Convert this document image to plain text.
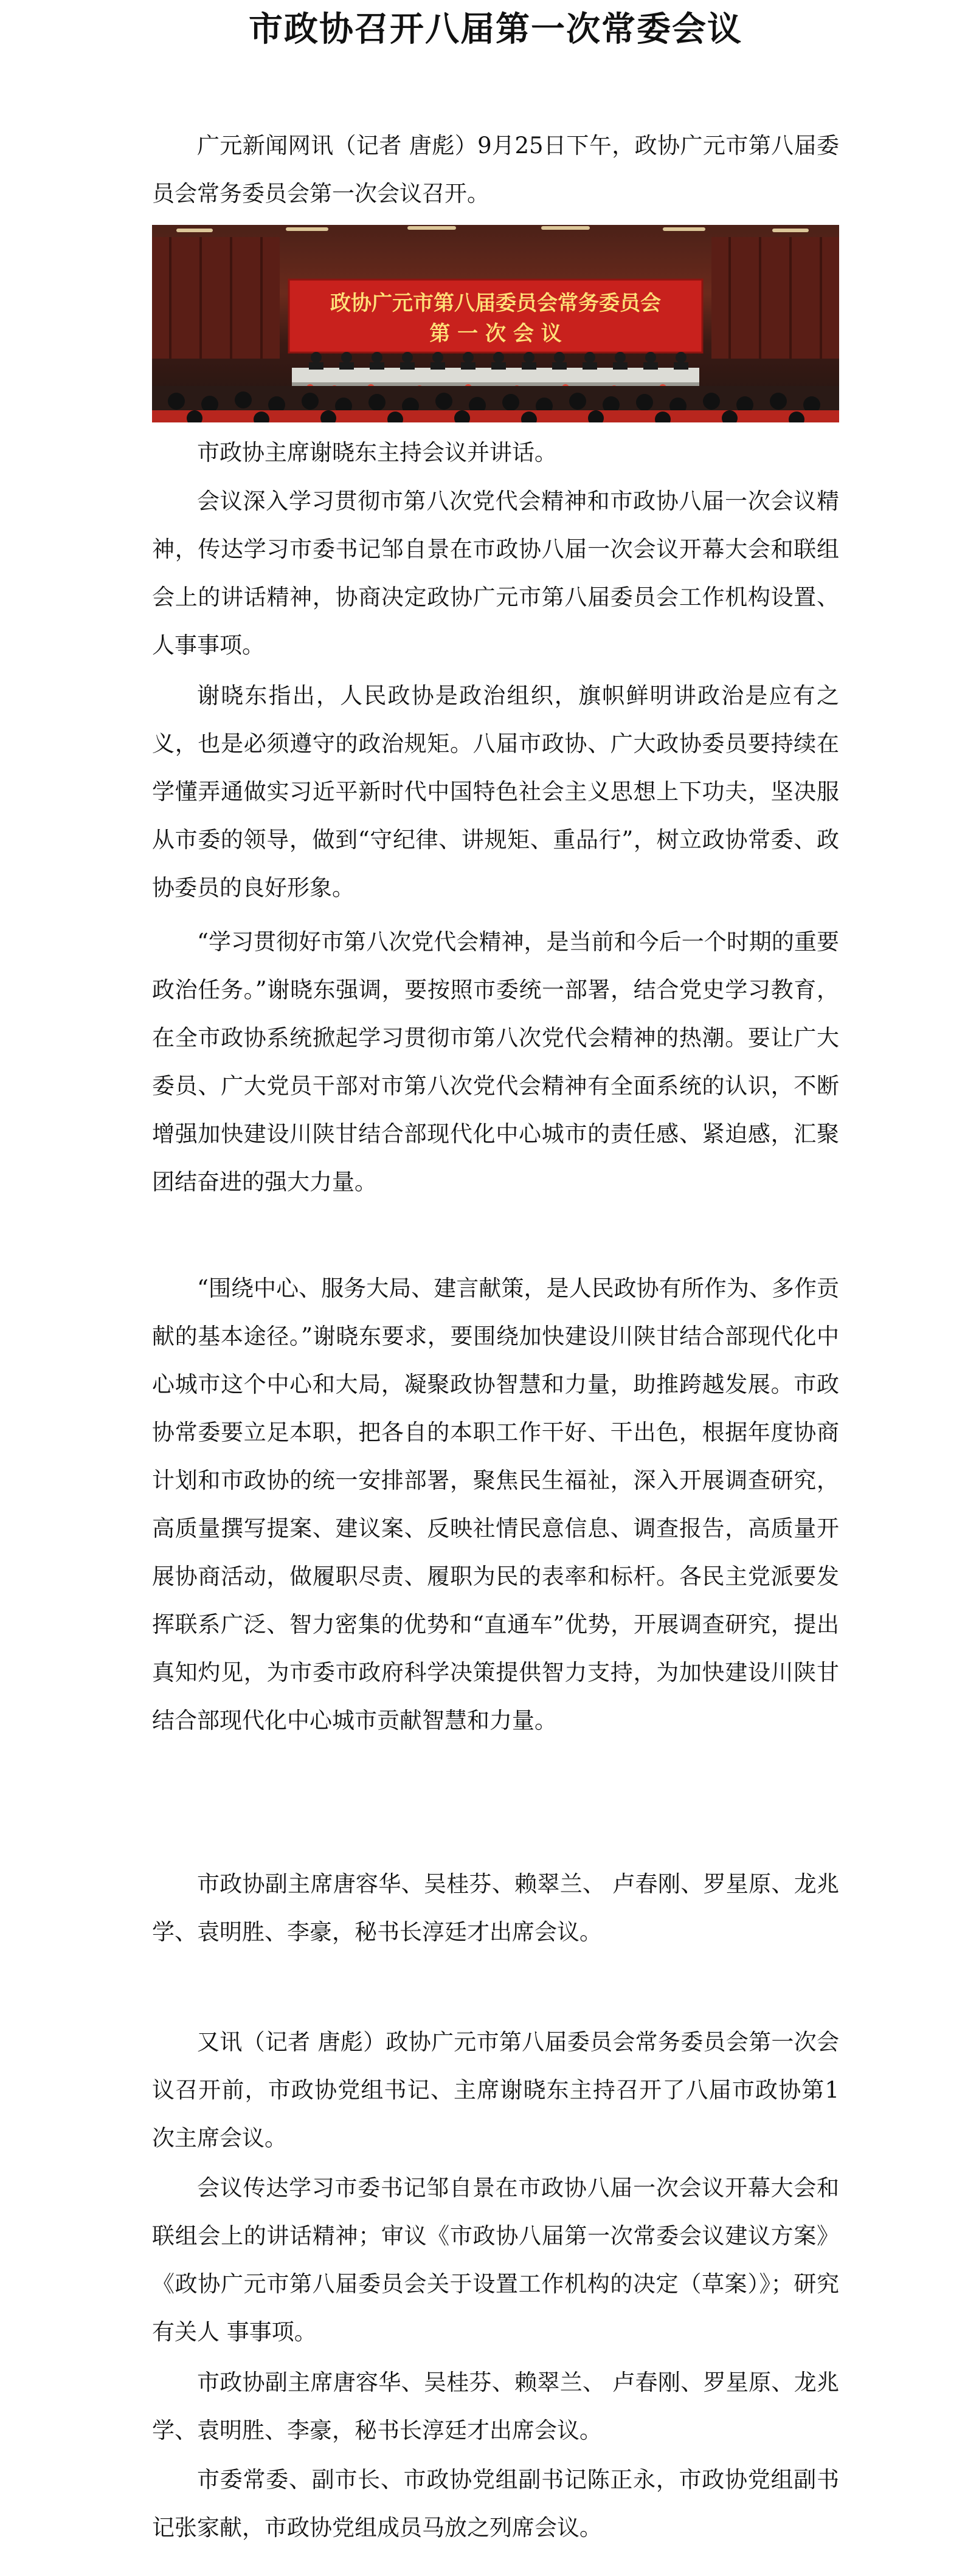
市政协召开八届第一次常委会议

广元新闻网讯（记者 唐彪）9月25日下午，政协广元市第八届委员会常务委员会第一次会议召开。

政协广元市第八届委员会常务委员会
第 一 次 会 议

市政协主席谢晓东主持会议并讲话。

会议深入学习贯彻市第八次党代会精神和市政协八届一次会议精神，传达学习市委书记邹自景在市政协八届一次会议开幕大会和联组会上的讲话精神，协商决定政协广元市第八届委员会工作机构设置、人事事项。

谢晓东指出，人民政协是政治组织，旗帜鲜明讲政治是应有之义，也是必须遵守的政治规矩。八届市政协、广大政协委员要持续在学懂弄通做实习近平新时代中国特色社会主义思想上下功夫，坚决服从市委的领导，做到“守纪律、讲规矩、重品行”，树立政协常委、政协委员的良好形象。

“学习贯彻好市第八次党代会精神，是当前和今后一个时期的重要政治任务。”谢晓东强调，要按照市委统一部署，结合党史学习教育，在全市政协系统掀起学习贯彻市第八次党代会精神的热潮。要让广大委员、广大党员干部对市第八次党代会精神有全面系统的认识，不断增强加快建设川陕甘结合部现代化中心城市的责任感、紧迫感，汇聚团结奋进的强大力量。

“围绕中心、服务大局、建言献策，是人民政协有所作为、多作贡献的基本途径。”谢晓东要求，要围绕加快建设川陕甘结合部现代化中心城市这个中心和大局，凝聚政协智慧和力量，助推跨越发展。市政协常委要立足本职，把各自的本职工作干好、干出色，根据年度协商计划和市政协的统一安排部署，聚焦民生福祉，深入开展调查研究，高质量撰写提案、建议案、反映社情民意信息、调查报告，高质量开展协商活动，做履职尽责、履职为民的表率和标杆。各民主党派要发挥联系广泛、智力密集的优势和“直通车”优势，开展调查研究，提出真知灼见，为市委市政府科学决策提供智力支持，为加快建设川陕甘结合部现代化中心城市贡献智慧和力量。

市政协副主席唐容华、吴桂芬、赖翠兰、 卢春刚、罗星原、龙兆学、袁明胜、李豪，秘书长淳廷才出席会议。

又讯（记者 唐彪）政协广元市第八届委员会常务委员会第一次会议召开前，市政协党组书记、主席谢晓东主持召开了八届市政协第1次主席会议。

会议传达学习市委书记邹自景在市政协八届一次会议开幕大会和联组会上的讲话精神；审议《市政协八届第一次常委会议建议方案》《政协广元市第八届委员会关于设置工作机构的决定（草案）》；研究有关人 事事项。

市政协副主席唐容华、吴桂芬、赖翠兰、 卢春刚、罗星原、龙兆学、袁明胜、李豪，秘书长淳廷才出席会议。

市委常委、副市长、市政协党组副书记陈正永，市政协党组副书记张家献，市政协党组成员马放之列席会议。
